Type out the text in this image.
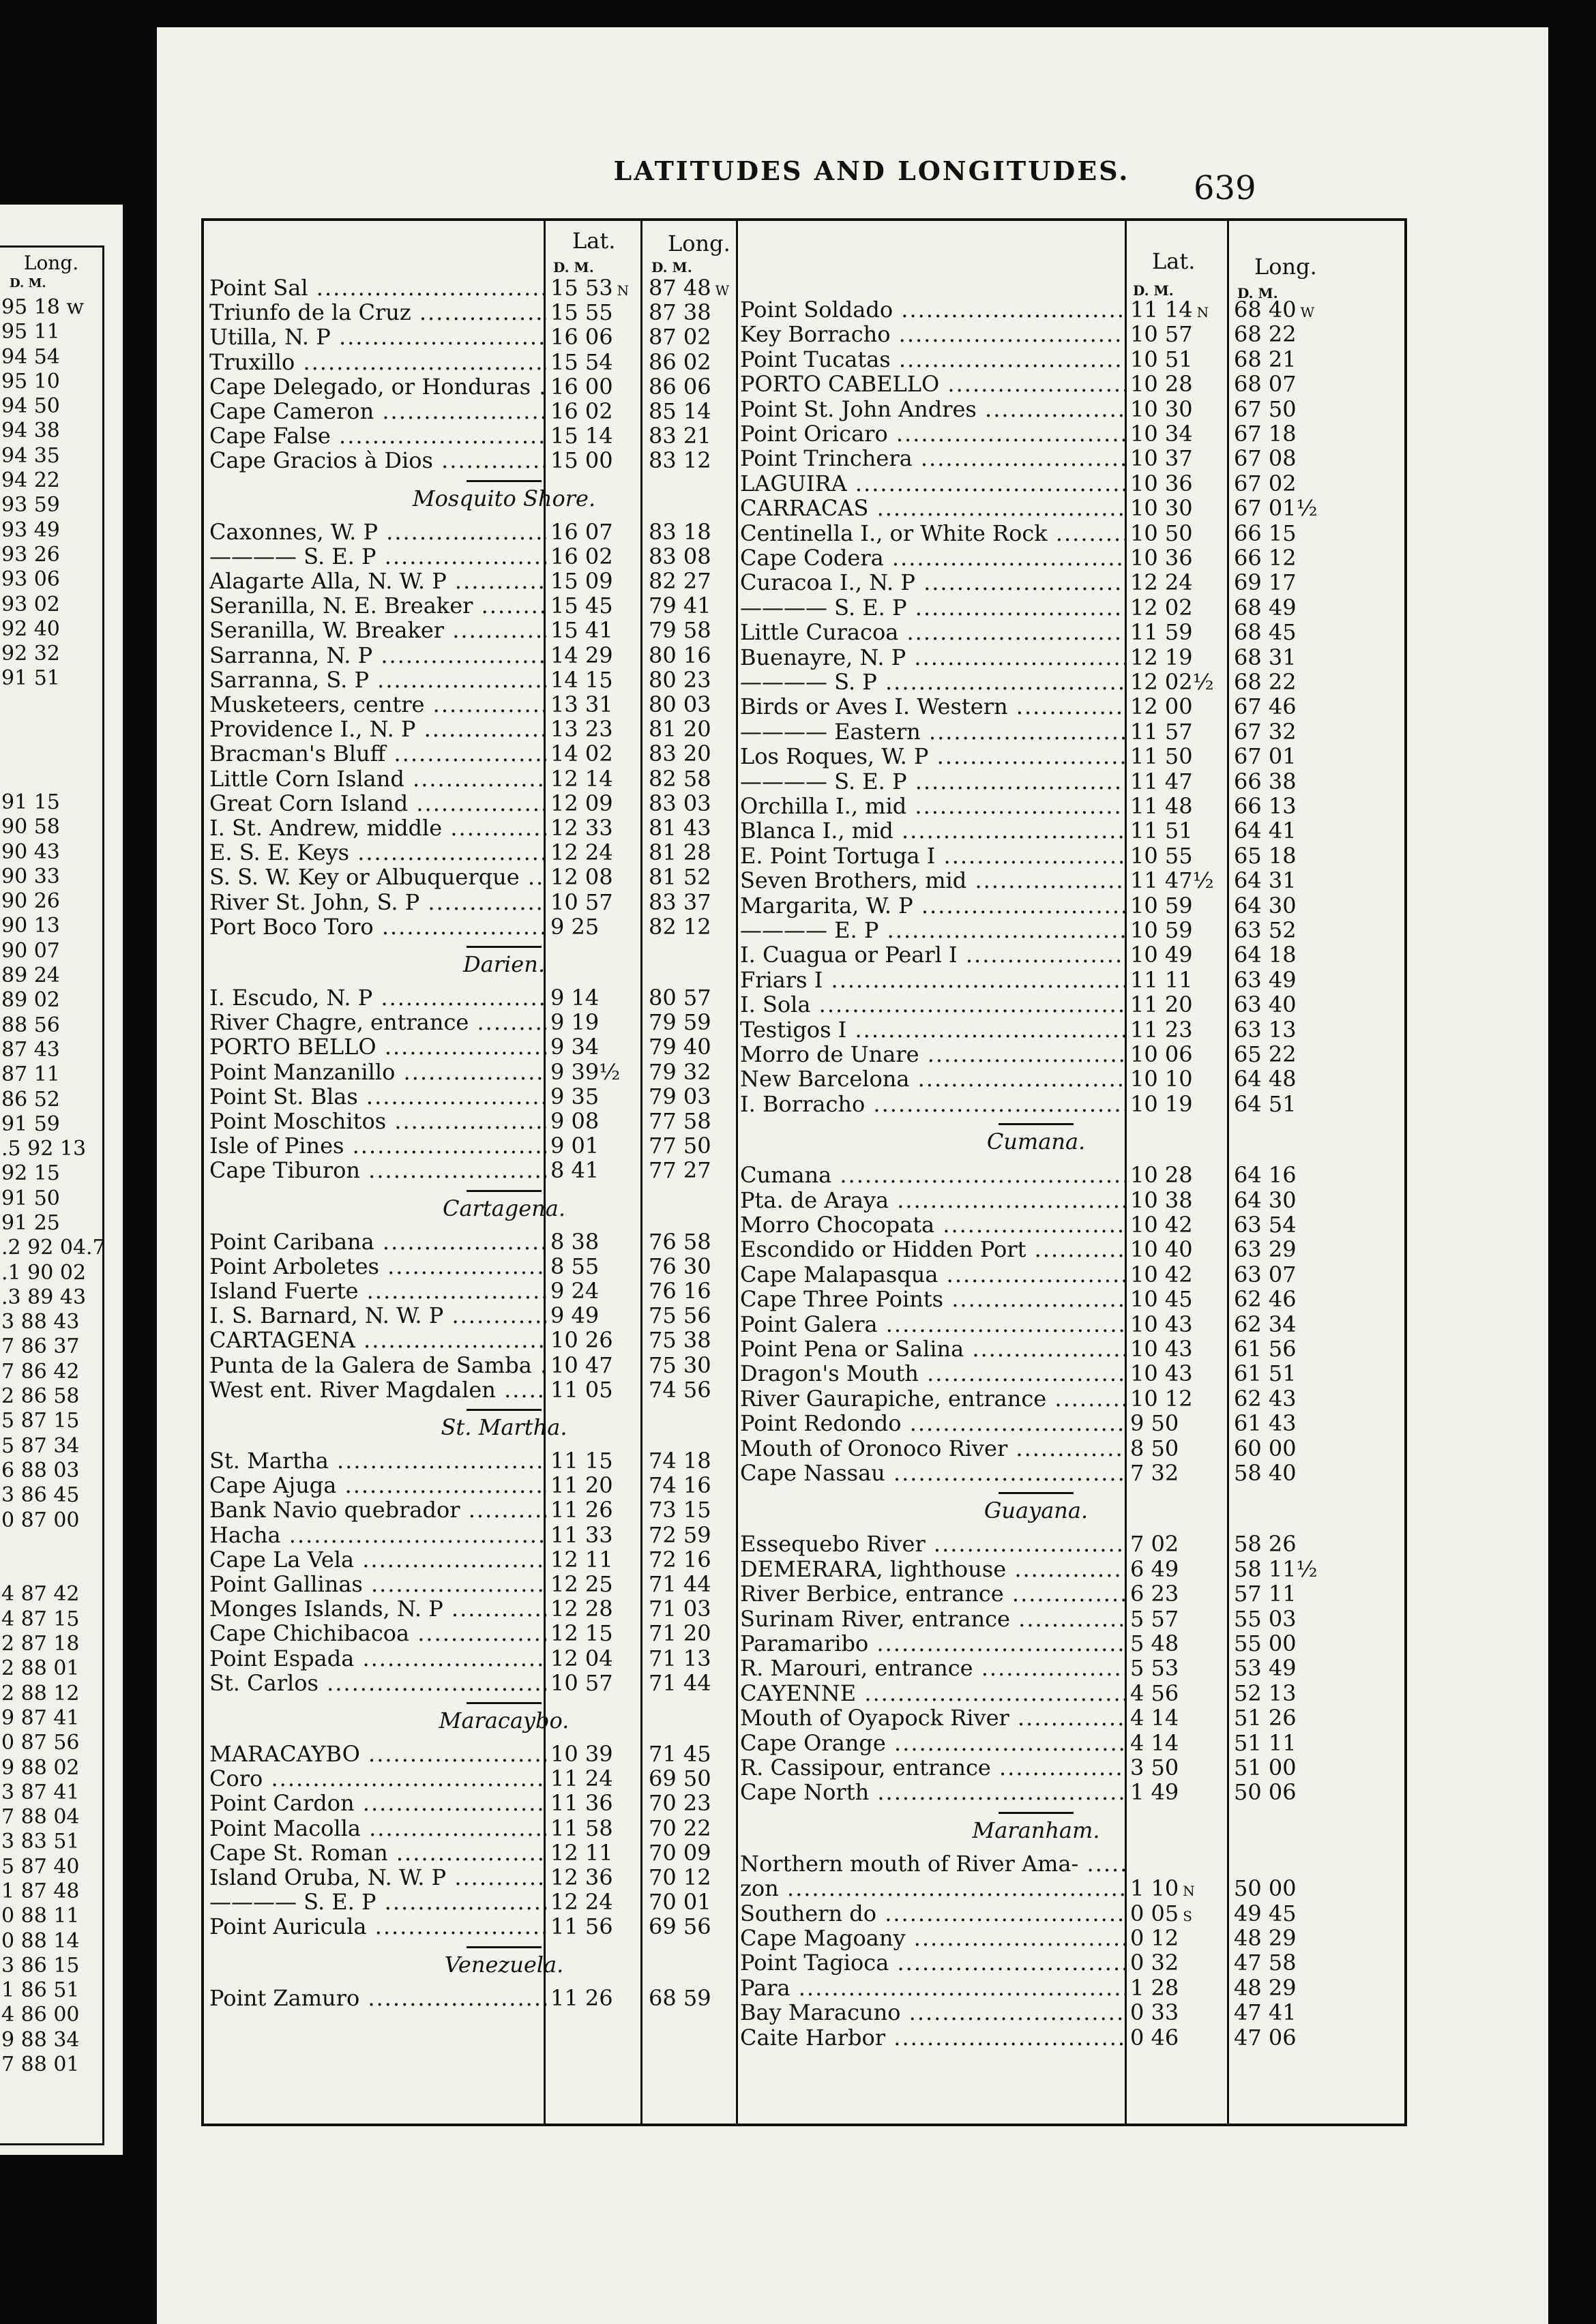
Long.
D. M.
95 18 w
95 11
94 54
95 10
94 50
94 38
94 35
94 22
93 59
93 49
93 26
93 06
93 02
92 40
92 32
91 51
91 15
90 58
90 43
90 33
90 26
90 13
90 07
89 24
89 02
88 56
87 43
87 11
86 52
91 59
.5 92 13
92 15
91 50
91 25
.2 92 04.7
.1 90 02
.3 89 43
3 88 43
7 86 37
7 86 42
2 86 58
5 87 15
5 87 34
6 88 03
3 86 45
0 87 00
4 87 42
4 87 15
2 87 18
2 88 01
2 88 12
9 87 41
0 87 56
9 88 02
3 87 41
7 88 04
3 83 51
5 87 40
1 87 48
0 88 11
0 88 14
3 86 15
1 86 51
4 86 00
9 88 34
7 88 01
LATITUDES AND LONGITUDES.	639
Lat. Long.
D. M.	D. M.	Lat.	Long.
D. M.	D. M.
Point Sal .....	15 53 N 87 48 W
Triunfo de la Cruz .....	15 55 87 38
Utilla, N. P .....	16 06 87 02
Truxillo .....	15 54 86 02
Cape Delegado, or Honduras ..... 16 00 86 06
Cape Cameron .....	16 02 85 14
Cape False .....	15 14 83 21
Cape Gracios à Dios .....	15 00 83 12
Mosquito Shore.
Caxonnes, W. P .....	16 07 83 18
———— S. E. P .....	16 02 83 08
Alagarte Alla, N. W. P .....	15 09 82 27
Seranilla, N. E. Breaker .....	15 45 79 41
Seranilla, W. Breaker .....	15 41 79 58
Sarranna, N. P .....	14 29 80 16
Sarranna, S. P .....	14 15 80 23
Musketeers, centre .....	13 31 80 03
Providence I., N. P .....	13 23 81 20
Bracman's Bluff .....	14 02 83 20
Little Corn Island .....	12 14 82 58
Great Corn Island .....	12 09 83 03
I. St. Andrew, middle .....	12 33 81 43
E. S. E. Keys .....	12 24 81 28
S. S. W. Key or Albuquerque .....	12 08 81 52
River St. John, S. P .....	10 57 83 37
Port Boco Toro .....	9 25 82 12
Darien.
I. Escudo, N. P .....	9 14 80 57
River Chagre, entrance .....	9 19 79 59
PORTO BELLO .....	9 34 79 40
Point Manzanillo .....	9 39½ 79 32
Point St. Blas .....	9 35 79 03
Point Moschitos .....	9 08 77 58
Isle of Pines .....	9 01 77 50
Cape Tiburon .....	8 41 77 27
Cartagena.
Point Caribana .....	8 38 76 58
Point Arboletes .....	8 55 76 30
Island Fuerte .....	9 24 76 16
I. S. Barnard, N. W. P .....	9 49 75 56
CARTAGENA .....	10 26 75 38
Punta de la Galera de Samba ..... 10 47 75 30
West ent. River Magdalen .....	11 05 74 56
St. Martha.
St. Martha .....	11 15 74 18
Cape Ajuga .....	11 20 74 16
Bank Navio quebrador .....	11 26 73 15
Hacha .....	11 33 72 59
Cape La Vela .....	12 11 72 16
Point Gallinas .....	12 25 71 44
Monges Islands, N. P .....	12 28 71 03
Cape Chichibacoa .....	12 15 71 20
Point Espada .....	12 04 71 13
St. Carlos .....	10 57 71 44
Maracaybo.
MARACAYBO .....	10 39 71 45
Coro .....	11 24 69 50
Point Cardon .....	11 36 70 23
Point Macolla .....	11 58 70 22
Cape St. Roman .....	12 11 70 09
Island Oruba, N. W. P .....	12 36 70 12
———— S. E. P .....	12 24 70 01
Point Auricula .....	11 56 69 56
Venezuela.
Point Zamuro .....	11 26 68 59
Point Soldado .....	11 14 N 68 40 W
Key Borracho .....	10 57 68 22
Point Tucatas .....	10 51 68 21
PORTO CABELLO .....	10 28 68 07
Point St. John Andres .....	10 30 67 50
Point Oricaro .....	10 34 67 18
Point Trinchera .....	10 37 67 08
LAGUIRA .....	10 36 67 02
CARRACAS .....	10 30 67 01½
Centinella I., or White Rock .....	10 50 66 15
Cape Codera .....	10 36 66 12
Curacoa I., N. P .....	12 24 69 17
———— S. E. P .....	12 02 68 49
Little Curacoa .....	11 59 68 45
Buenayre, N. P .....	12 19 68 31
———— S. P .....	12 02½ 68 22
Birds or Aves I. Western .....	12 00 67 46
———— Eastern .....	11 57 67 32
Los Roques, W. P .....	11 50 67 01
———— S. E. P .....	11 47 66 38
Orchilla I., mid .....	11 48 66 13
Blanca I., mid .....	11 51 64 41
E. Point Tortuga I .....	10 55 65 18
Seven Brothers, mid .....	11 47½ 64 31
Margarita, W. P .....	10 59 64 30
———— E. P .....	10 59 63 52
I. Cuagua or Pearl I .....	10 49 64 18
Friars I .....	11 11 63 49
I. Sola .....	11 20 63 40
Testigos I .....	11 23 63 13
Morro de Unare .....	10 06 65 22
New Barcelona .....	10 10 64 48
I. Borracho .....	10 19 64 51
Cumana.
Cumana .....	10 28 64 16
Pta. de Araya .....	10 38 64 30
Morro Chocopata .....	10 42 63 54
Escondido or Hidden Port .....	10 40 63 29
Cape Malapasqua .....	10 42 63 07
Cape Three Points .....	10 45 62 46
Point Galera .....	10 43 62 34
Point Pena or Salina .....	10 43 61 56
Dragon's Mouth .....	10 43 61 51
River Gaurapiche, entrance .....	10 12 62 43
Point Redondo .....	9 50	61 43
Mouth of Oronoco River .....	8 50	60 00
Cape Nassau .....	7 32	58 40
Guayana.
Essequebo River .....	7 02	58 26
DEMERARA, lighthouse .....	6 49	58 11½
River Berbice, entrance .....	6 23	57 11
Surinam River, entrance .....	5 57	55 03
Paramaribo .....	5 48	55 00
R. Marouri, entrance .....	5 53	53 49
CAYENNE .....	4 56	52 13
Mouth of Oyapock River .....	4 14	51 26
Cape Orange .....	4 14	51 11
R. Cassipour, entrance .....	3 50	51 00
Cape North .....	1 49	50 06
Maranham.
Northern mouth of River Ama- .....
zon .....	1 10 N 50 00
Southern do .....	0 05 S 49 45
Cape Magoany .....	0 12	48 29
Point Tagioca .....	0 32	47 58
Para .....	1 28	48 29
Bay Maracuno .....	0 33	47 41
Caite Harbor .....	0 46	47 06
